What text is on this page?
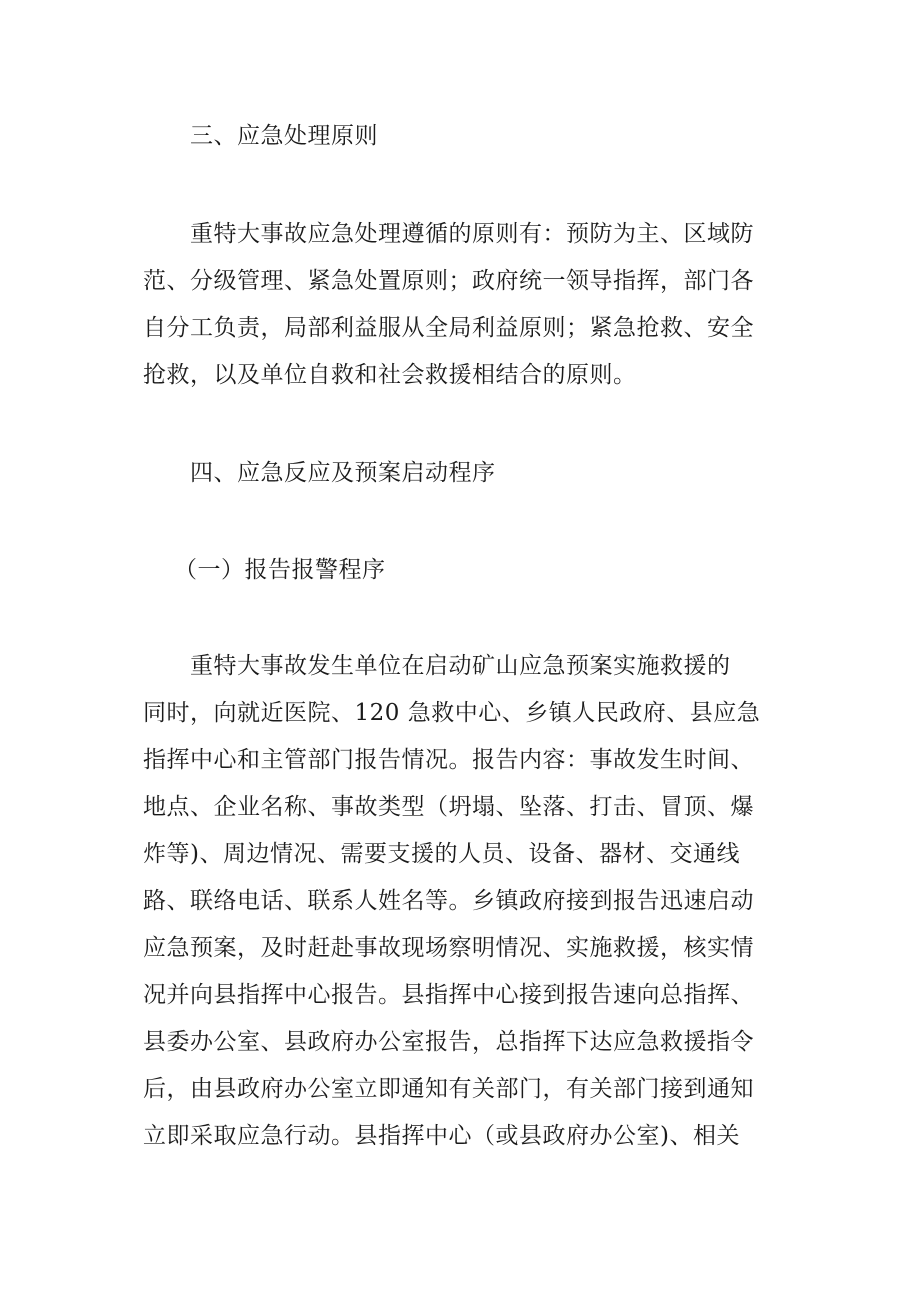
三、应急处理原则

重特大事故应急处理遵循的原则有：预防为主、区域防

范、分级管理、紧急处置原则；政府统一领导指挥，部门各

自分工负责，局部利益服从全局利益原则；紧急抢救、安全

抢救，以及单位自救和社会救援相结合的原则。

四、应急反应及预案启动程序

（一）报告报警程序

重特大事故发生单位在启动矿山应急预案实施救援的

同时，向就近医院、120 急救中心、乡镇人民政府、县应急

指挥中心和主管部门报告情况。报告内容：事故发生时间、

地点、企业名称、事故类型（坍塌、坠落、打击、冒顶、爆

炸等)、周边情况、需要支援的人员、设备、器材、交通线

路、联络电话、联系人姓名等。乡镇政府接到报告迅速启动

应急预案，及时赶赴事故现场察明情况、实施救援，核实情

况并向县指挥中心报告。县指挥中心接到报告速向总指挥、

县委办公室、县政府办公室报告，总指挥下达应急救援指令

后，由县政府办公室立即通知有关部门，有关部门接到通知

立即采取应急行动。县指挥中心（或县政府办公室)、相关
